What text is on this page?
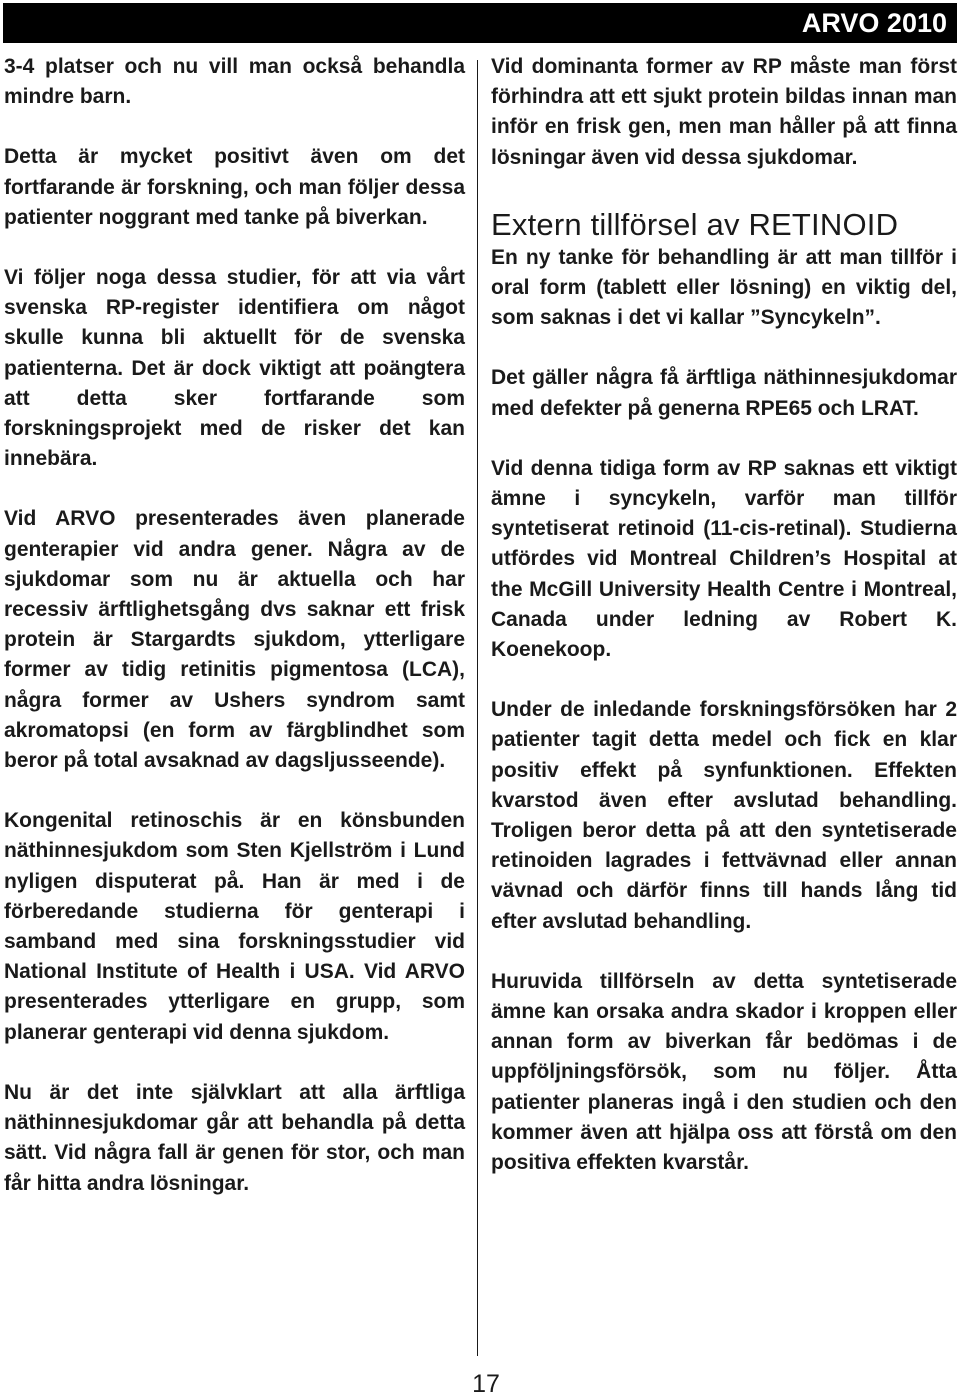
ARVO 2010

3-4 platser och nu vill man också behandla mindre barn.

Detta är mycket positivt även om det fortfarande är forskning, och man följer dessa patienter noggrant med tanke på biverkan.

Vi följer noga dessa studier, för att via vårt svenska RP-register identifiera om något skulle kunna bli aktuellt för de svenska patienterna. Det är dock viktigt att poängtera att detta sker fortfarande som forskningsprojekt med de risker det kan innebära.

Vid ARVO presenterades även planerade genterapier vid andra gener. Några av de sjukdomar som nu är aktuella och har recessiv ärftlighetsgång dvs saknar ett frisk protein är Stargardts sjukdom, ytterligare former av tidig retinitis pigmentosa (LCA), några former av Ushers syndrom samt akromatopsi (en form av färgblindhet som beror på total avsaknad av dagsljusseende).

Kongenital retinoschis är en könsbunden näthinnesjukdom som Sten Kjellström i Lund nyligen disputerat på. Han är med i de förberedande studierna för genterapi i samband med sina forskningsstudier vid National Institute of Health i USA. Vid ARVO presenterades ytterligare en grupp, som planerar genterapi vid denna sjukdom.

Nu är det inte självklart att alla ärftliga näthinnesjukdomar går att behandla på detta sätt. Vid några fall är genen för stor, och man får hitta andra lösningar.

Vid dominanta former av RP måste man först förhindra att ett sjukt protein bildas innan man inför en frisk gen, men man håller på att finna lösningar även vid dessa sjukdomar.

Extern tillförsel av RETINOID

En ny tanke för behandling är att man tillför i oral form (tablett eller lösning) en viktig del, som saknas i det vi kallar ”Syncykeln”.

Det gäller några få ärftliga näthinnesjukdomar med defekter på generna RPE65 och LRAT.

Vid denna tidiga form av RP saknas ett viktigt ämne i syncykeln, varför man tillför syntetiserat retinoid (11-cis-retinal). Studierna utfördes vid Montreal Children’s Hospital at the McGill University Health Centre i Montreal, Canada under ledning av Robert K. Koenekoop.

Under de inledande forskningsförsöken har 2 patienter tagit detta medel och fick en klar positiv effekt på synfunktionen. Effekten kvarstod även efter avslutad behandling. Troligen beror detta på att den syntetiserade retinoiden lagrades i fettvävnad eller annan vävnad och därför finns till hands lång tid efter avslutad behandling.

Huruvida tillförseln av detta syntetiserade ämne kan orsaka andra skador i kroppen eller annan form av biverkan får bedömas i de uppföljningsförsök, som nu följer. Åtta patienter planeras ingå i den studien och den kommer även att hjälpa oss att förstå om den positiva effekten kvarstår.

17
